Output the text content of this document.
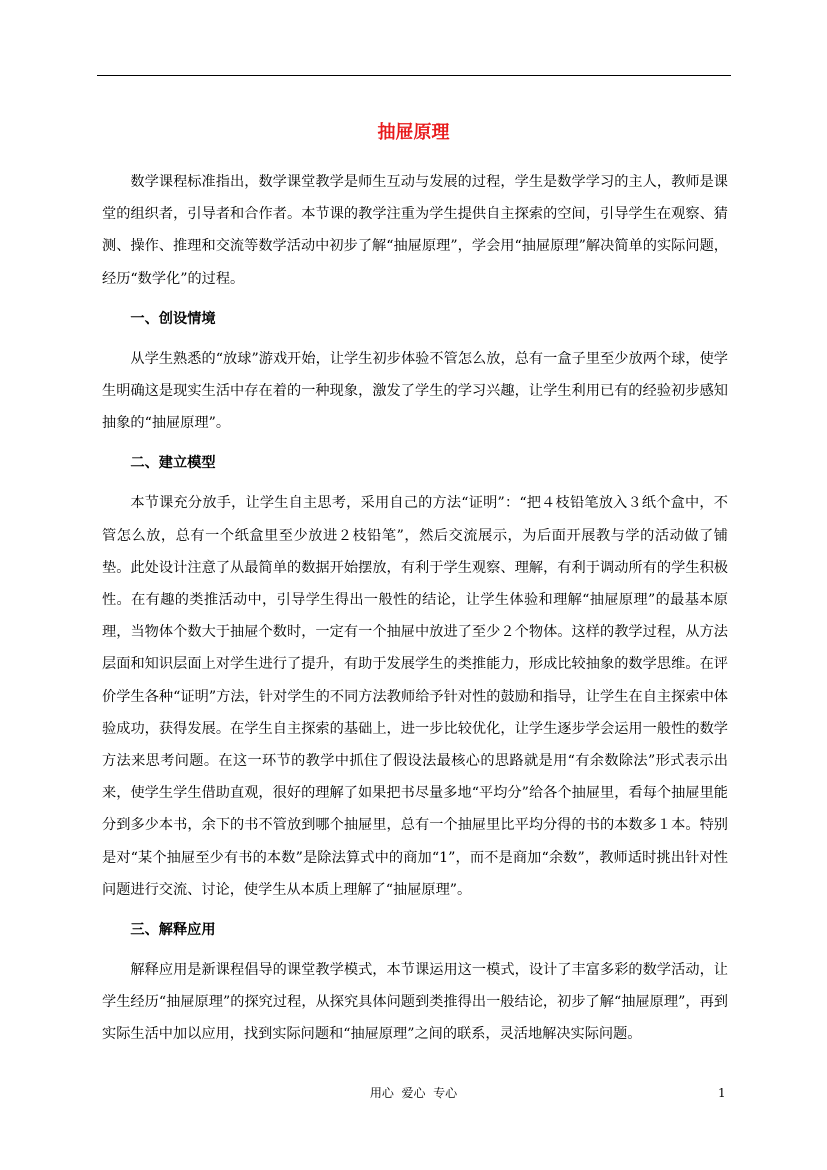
抽屉原理

数学课程标准指出，数学课堂教学是师生互动与发展的过程，学生是数学学习的主人，教师是课堂的组织者，引导者和合作者。本节课的教学注重为学生提供自主探索的空间，引导学生在观察、猜测、操作、推理和交流等数学活动中初步了解“抽屉原理”，学会用“抽屉原理”解决简单的实际问题，经历“数学化”的过程。

一、创设情境

从学生熟悉的“放球”游戏开始，让学生初步体验不管怎么放，总有一盒子里至少放两个球，使学生明确这是现实生活中存在着的一种现象，激发了学生的学习兴趣，让学生利用已有的经验初步感知抽象的“抽屉原理”。

二、建立模型

本节课充分放手，让学生自主思考，采用自己的方法“证明”：“把４枝铅笔放入３纸个盒中，不管怎么放，总有一个纸盒里至少放进２枝铅笔”，然后交流展示，为后面开展教与学的活动做了铺垫。此处设计注意了从最简单的数据开始摆放，有利于学生观察、理解，有利于调动所有的学生积极性。在有趣的类推活动中，引导学生得出一般性的结论，让学生体验和理解“抽屉原理”的最基本原理，当物体个数大于抽屉个数时，一定有一个抽屉中放进了至少２个物体。这样的教学过程，从方法层面和知识层面上对学生进行了提升，有助于发展学生的类推能力，形成比较抽象的数学思维。在评价学生各种“证明”方法，针对学生的不同方法教师给予针对性的鼓励和指导，让学生在自主探索中体验成功，获得发展。在学生自主探索的基础上，进一步比较优化，让学生逐步学会运用一般性的数学方法来思考问题。在这一环节的教学中抓住了假设法最核心的思路就是用“有余数除法”形式表示出来，使学生学生借助直观，很好的理解了如果把书尽量多地“平均分”给各个抽屉里，看每个抽屉里能分到多少本书，余下的书不管放到哪个抽屉里，总有一个抽屉里比平均分得的书的本数多１本。特别是对“某个抽屉至少有书的本数”是除法算式中的商加“1”，而不是商加“余数”，教师适时挑出针对性问题进行交流、讨论，使学生从本质上理解了“抽屉原理”。

三、解释应用

解释应用是新课程倡导的课堂教学模式，本节课运用这一模式，设计了丰富多彩的数学活动，让学生经历“抽屉原理”的探究过程，从探究具体问题到类推得出一般结论，初步了解“抽屉原理”，再到实际生活中加以应用，找到实际问题和“抽屉原理”之间的联系，灵活地解决实际问题。

用心  爱心  专心	1
